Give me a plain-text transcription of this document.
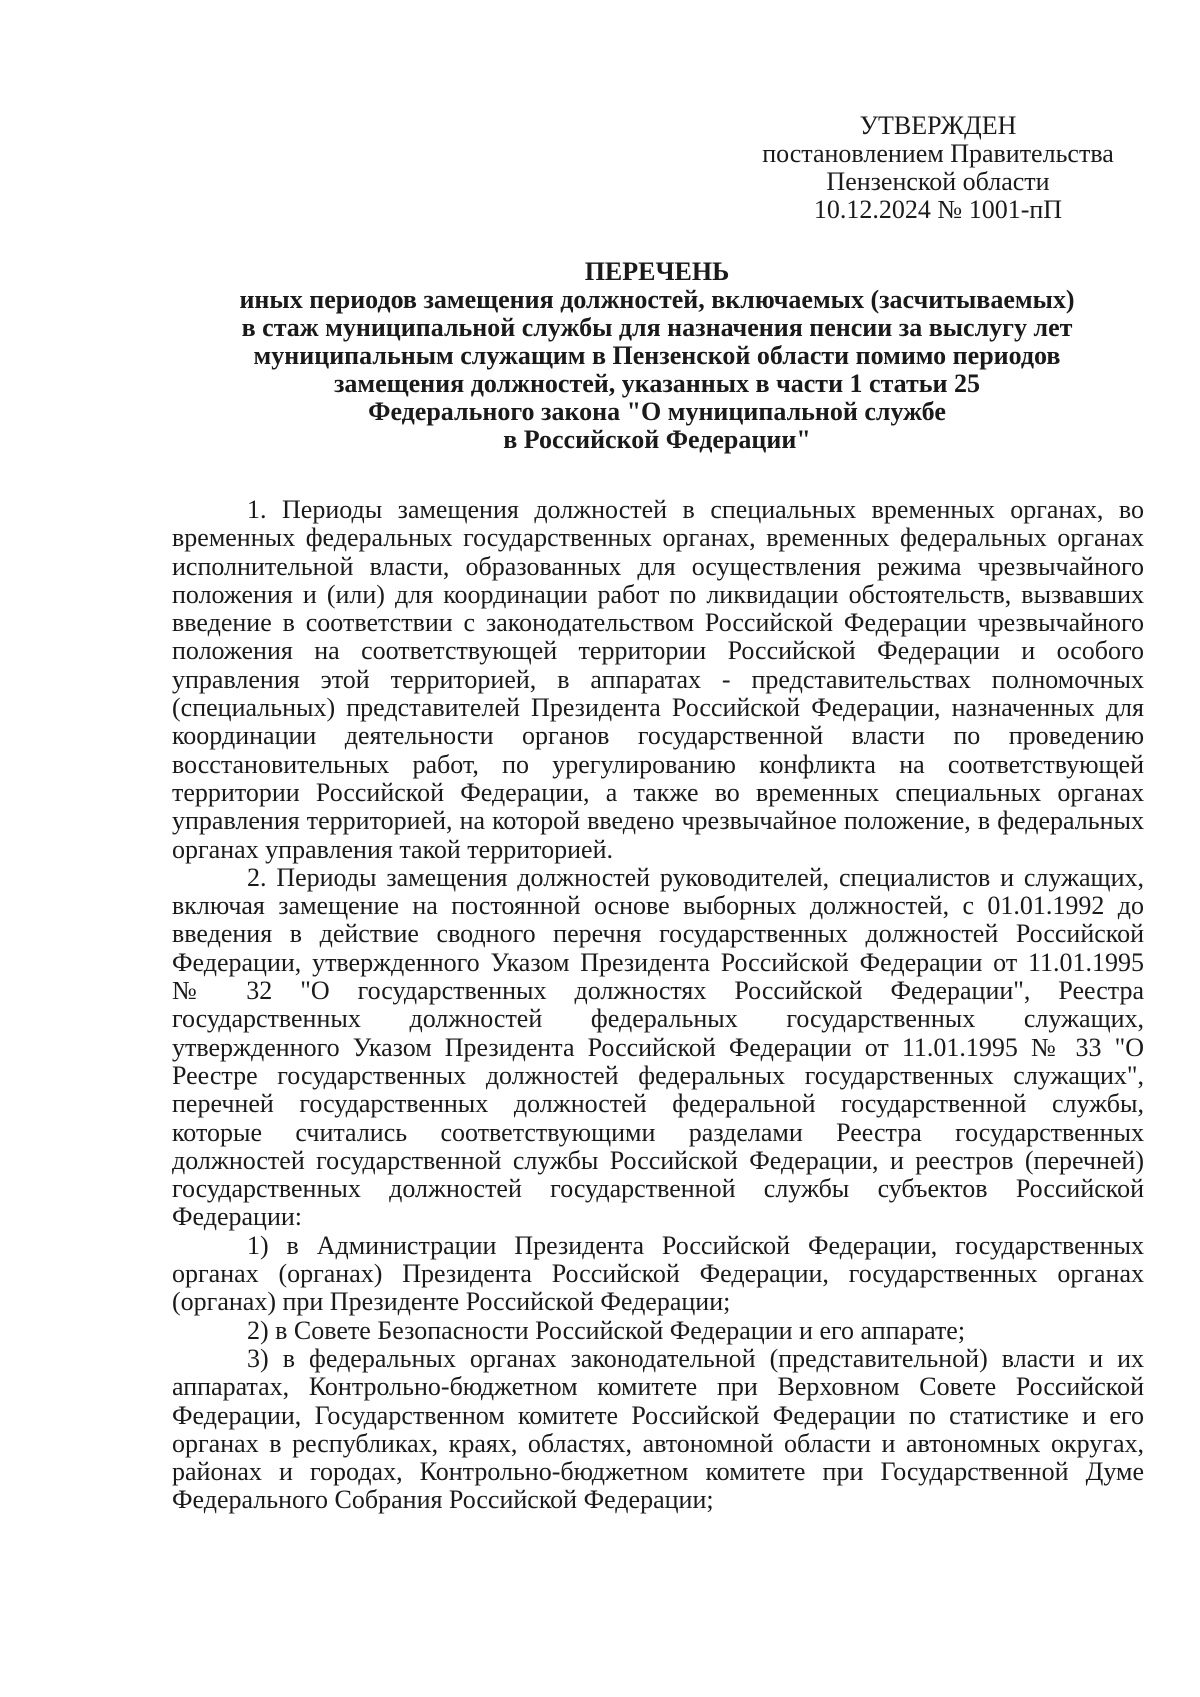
УТВЕРЖДЕН
постановлением Правительства
Пензенской области
10.12.2024 № 1001-пП
ПЕРЕЧЕНЬ
иных периодов замещения должностей, включаемых (засчитываемых)
в стаж муниципальной службы для назначения пенсии за выслугу лет
муниципальным служащим в Пензенской области помимо периодов
замещения должностей, указанных в части 1 статьи 25
Федерального закона "О муниципальной службе
в Российской Федерации"

1. Периоды замещения должностей в специальных временных органах, во временных федеральных государственных органах, временных федеральных органах исполнительной власти, образованных для осуществления режима чрезвычайного положения и (или) для координации работ по ликвидации обстоятельств, вызвавших введение в соответствии с законодательством Российской Федерации чрезвычайного положения на соответствующей территории Российской Федерации и особого управления этой территорией, в аппаратах - представительствах полномочных (специальных) представителей Президента Российской Федерации, назначенных для координации деятельности органов государственной власти по проведению восстановительных работ, по урегулированию конфликта на соответствующей территории Российской Федерации, а также во временных специальных органах управления территорией, на которой введено чрезвычайное положение, в федеральных органах управления такой территорией.

2. Периоды замещения должностей руководителей, специалистов и служащих, включая замещение на постоянной основе выборных должностей, с 01.01.1992 до введения в действие сводного перечня государственных должностей Российской Федерации, утвержденного Указом Президента Российской Федерации от 11.01.1995 № 32 "О государственных должностях Российской Федерации", Реестра государственных должностей федеральных государственных служащих, утвержденного Указом Президента Российской Федерации от 11.01.1995 № 33 "О Реестре государственных должностей федеральных государственных служащих", перечней государственных должностей федеральной государственной службы, которые считались соответствующими разделами Реестра государственных должностей государственной службы Российской Федерации, и реестров (перечней) государственных должностей государственной службы субъектов Российской Федерации:

1) в Администрации Президента Российской Федерации, государственных органах (органах) Президента Российской Федерации, государственных органах (органах) при Президенте Российской Федерации;

2) в Совете Безопасности Российской Федерации и его аппарате;

3) в федеральных органах законодательной (представительной) власти и их аппаратах, Контрольно-бюджетном комитете при Верховном Совете Российской Федерации, Государственном комитете Российской Федерации по статистике и его органах в республиках, краях, областях, автономной области и автономных округах, районах и городах, Контрольно-бюджетном комитете при Государственной Думе Федерального Собрания Российской Федерации;
